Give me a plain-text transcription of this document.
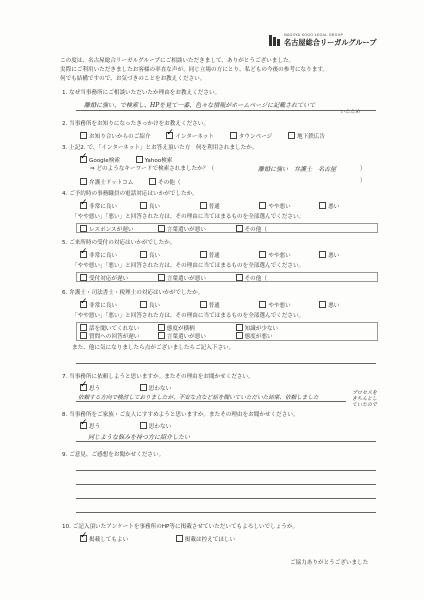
NAGOYA SOGO LEGAL GROUP
名古屋総合リーガルグループ
この度は、名古屋総合リーガルグループにご相談いただきまして、ありがとうございました。
実際にご利用いただきましたお客様の率直な声が、同じ立場の方にとり、私どもの今後の参考になります。
何でも結構ですので、お気づきのことをお教えください。
1. なぜ当事務所にご相談いただいたか理由をお教えください。
離婚に強い、で検索し、HPを見て一番、色々な情報がホームページに記載されていて
いたため
2. 当事務所をお知りになったきっかけをお教えください。
お知り合いからのご紹介 ✓	インターネット	タウンページ	地下鉄広告
3. 上記2. で、「インターネット」とお答え頂いた方　何を利用されましたか。
✓Google検索	Yahoo検索
⇒ どのようなキーワードで検索されましたか？（	離婚に強い　弁護士　名古屋	）
弁護士ドットコム	その他（	）
4. ご予約時の事務職員の電話対応はいかがでしたか。
✓非常に良い	良い	普通	やや悪い	悪い
「やや悪い」「悪い」と回答された方は、その理由に当てはまるものを全部選んでください。
レスポンスが遅い	言葉遣いが悪い	その他（
5. ご来所時の受付の対応はいかがでしたか。
✓非常に良い	良い	普通	やや悪い	悪い
「やや悪い」「悪い」と回答された方は、その理由に当てはまるものを全部選んでください。
受付対応が遅い	言葉遣いが悪い	その他（
6. 弁護士・司法書士・税理士の対応はいかがでしたか。
✓非常に良い	良い	普通	やや悪い	悪い
「やや悪い」「悪い」と回答された方は、その理由に当てはまるものを全部選んでください。
話を聞いてくれない	態度が横柄	知識が少ない
質問への回答が遅い	言葉遣いが悪い	態度が悪い
また、他に気になりましたら点がございましたらご記入下さい。
7. 当事務所に依頼しようと思いますか。またその理由をお聞かせください。
✓思う	思わない
依頼する方向で検討しておりましたが、不安な点など話を聞いていただいた結果、依頼しました
プロセスをきちんとしていたので
8. 当事務所をご家族・ご友人にすすめようと思いますか。またその理由をお聞かせください。
✓思う	思わない
同じような悩みを持つ方に紹介したい
9. ご意見、ご感想をお聞かせください。
10. ご記入頂いたアンケートを事務所のHP等に掲載させていただいてもよろしいでしょうか。
✓掲載してもよい	掲載は控えてほしい
ご協力ありがとうございました
